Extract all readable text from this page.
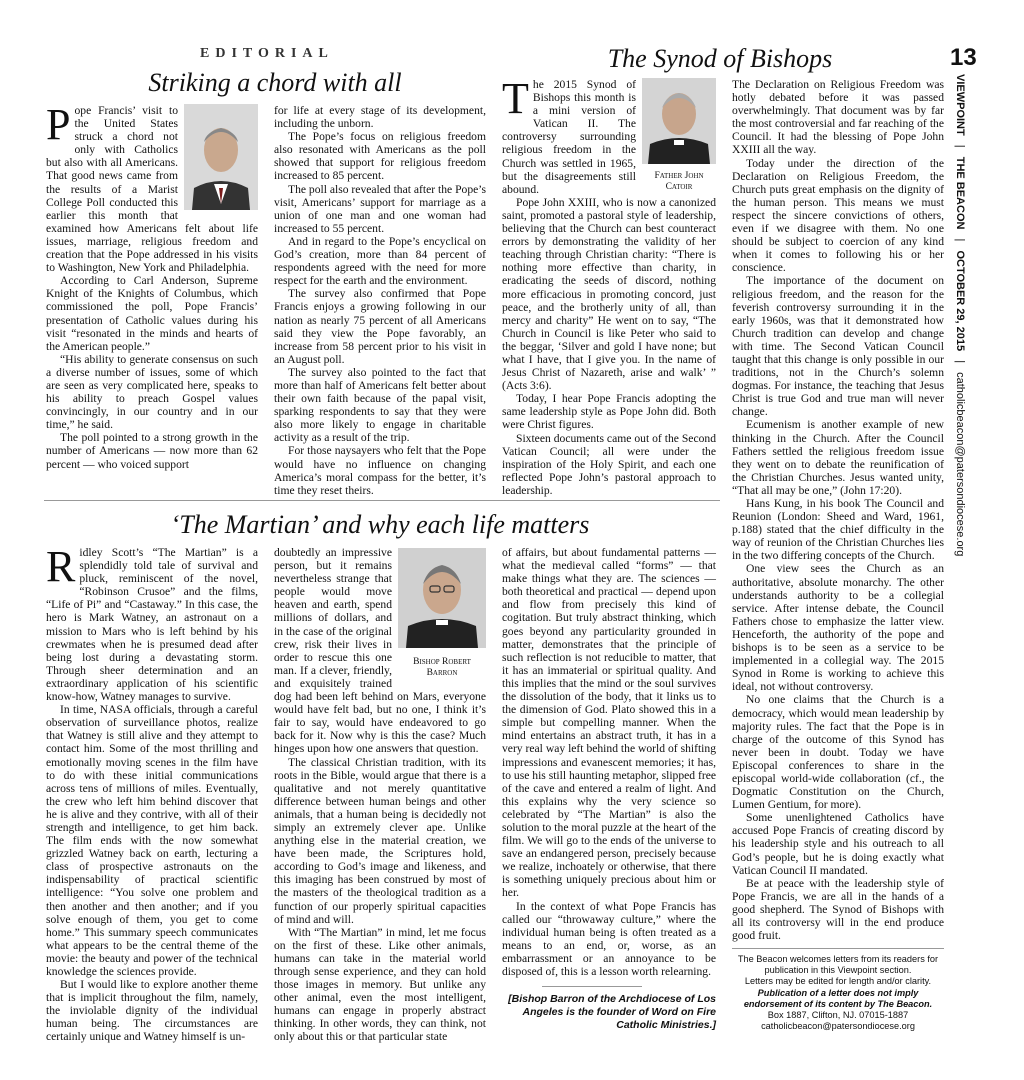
13
VIEWPOINT | THE BEACON | OCTOBER 29, 2015 | catholicbeacon@patersondiocese.org
EDITORIAL
Striking a chord with all

Pope Francis’ visit to the United States struck a chord not only with Catholics but also with all Americans. That good news came from the results of a Marist College Poll conducted this earlier this month that examined how Americans felt about life issues, marriage, religious freedom and creation that the Pope addressed in his visits to Washington, New York and Philadelphia.

According to Carl Anderson, Supreme Knight of the Knights of Columbus, which commissioned the poll, Pope Francis’ presentation of Catholic values during his visit “resonated in the minds and hearts of the American people.”

“His ability to generate consensus on such a diverse number of issues, some of which are seen as very complicated here, speaks to his ability to preach Gospel values convincingly, in our country and in our time,” he said.

The poll pointed to a strong growth in the number of Americans — now more than 62 percent — who voiced support

for life at every stage of its development, including the unborn.

The Pope’s focus on religious freedom also resonated with Americans as the poll showed that support for religious freedom increased to 85 percent.

The poll also revealed that after the Pope’s visit, Americans’ support for marriage as a union of one man and one woman had increased to 55 percent.

And in regard to the Pope’s encyclical on God’s creation, more than 84 percent of respondents agreed with the need for more respect for the earth and the environment.

The survey also confirmed that Pope Francis enjoys a growing following in our nation as nearly 75 percent of all Americans said they view the Pope favorably, an increase from 58 percent prior to his visit in an August poll.

The survey also pointed to the fact that more than half of Americans felt better about their own faith because of the papal visit, sparking respondents to say that they were also more likely to engage in charitable activity as a result of the trip.

For those naysayers who felt that the Pope would have no influence on changing America’s moral compass for the better, it’s time they reset theirs.

The Synod of Bishops
Father John Catoir

The 2015 Synod of Bishops this month is a mini version of Vatican II. The controversy surrounding religious freedom in the Church was settled in 1965, but the disagreements still abound.

Pope John XXIII, who is now a canonized saint, promoted a pastoral style of leadership, believing that the Church can best counteract errors by demonstrating the validity of her teaching through Christian charity: “There is nothing more effective than charity, in eradicating the seeds of discord, nothing more efficacious in promoting concord, just peace, and the brotherly unity of all, than mercy and charity” He went on to say, “The Church in Council is like Peter who said to the beggar, ‘Silver and gold I have none; but what I have, that I give you. In the name of Jesus Christ of Nazareth, arise and walk’ ” (Acts 3:6).

Today, I hear Pope Francis adopting the same leadership style as Pope John did. Both were Christ figures.

Sixteen documents came out of the Second Vatican Council; all were under the inspiration of the Holy Spirit, and each one reflected Pope John’s pastoral approach to leadership.

The Declaration on Religious Freedom was hotly debated before it was passed overwhelmingly. That document was by far the most controversial and far reaching of the Council. It had the blessing of Pope John XXIII all the way.

Today under the direction of the Declaration on Religious Freedom, the Church puts great emphasis on the dignity of the human person. This means we must respect the sincere convictions of others, even if we disagree with them. No one should be subject to coercion of any kind when it comes to following his or her conscience.

The importance of the document on religious freedom, and the reason for the feverish controversy surrounding it in the early 1960s, was that it demonstrated how Church tradition can develop and change with time. The Second Vatican Council taught that this change is only possible in our traditions, not in the Church’s solemn dogmas. For instance, the teaching that Jesus Christ is true God and true man will never change.

Ecumenism is another example of new thinking in the Church. After the Council Fathers settled the religious freedom issue they went on to debate the reunification of the Christian Churches. Jesus wanted unity, “That all may be one,” (John 17:20).

Hans Kung, in his book The Council and Reunion (London: Sheed and Ward, 1961, p.188) stated that the chief difficulty in the way of reunion of the Christian Churches lies in the two differing concepts of the Church.

One view sees the Church as an authoritative, absolute monarchy. The other understands authority to be a collegial service. After intense debate, the Council Fathers chose to emphasize the latter view. Henceforth, the authority of the pope and bishops is to be seen as a service to be implemented in a collegial way. The 2015 Synod in Rome is working to achieve this ideal, not without controversy.

No one claims that the Church is a democracy, which would mean leadership by majority rules. The fact that the Pope is in charge of the outcome of this Synod has never been in doubt. Today we have Episcopal conferences to share in the episcopal world-wide collaboration (cf., the Dogmatic Constitution on the Church, Lumen Gentium, for more).

Some unenlightened Catholics have accused Pope Francis of creating discord by his leadership style and his outreach to all God’s people, but he is doing exactly what Vatican Council II mandated.

Be at peace with the leadership style of Pope Francis, we are all in the hands of a good shepherd. The Synod of Bishops with all its controversy will in the end produce good fruit.

‘The Martian’ and why each life matters

Ridley Scott’s “The Martian” is a splendidly told tale of survival and pluck, reminiscent of the novel, “Robinson Crusoe” and the films, “Life of Pi” and “Castaway.” In this case, the hero is Mark Watney, an astronaut on a mission to Mars who is left behind by his crewmates when he is presumed dead after being lost during a devastating storm. Through sheer determination and an extraordinary application of his scientific know-how, Watney manages to survive.

In time, NASA officials, through a careful observation of surveillance photos, realize that Watney is still alive and they attempt to contact him. Some of the most thrilling and emotionally moving scenes in the film have to do with these initial communications across tens of millions of miles. Eventually, the crew who left him behind discover that he is alive and they contrive, with all of their strength and intelligence, to get him back. The film ends with the now somewhat grizzled Watney back on earth, lecturing a class of prospective astronauts on the indispensability of practical scientific intelligence: “You solve one problem and then another and then another; and if you solve enough of them, you get to come home.” This summary speech communicates what appears to be the central theme of the movie: the beauty and power of the technical knowledge the sciences provide.

But I would like to explore another theme that is implicit throughout the film, namely, the inviolable dignity of the individual human being. The circumstances are certainly unique and Watney himself is un-

Bishop Robert Barron

doubtedly an impressive person, but it remains nevertheless strange that people would move heaven and earth, spend millions of dollars, and in the case of the original crew, risk their lives in order to rescue this one man. If a clever, friendly, and exquisitely trained dog had been left behind on Mars, everyone would have felt bad, but no one, I think it’s fair to say, would have endeavored to go back for it. Now why is this the case? Much hinges upon how one answers that question.

The classical Christian tradition, with its roots in the Bible, would argue that there is a qualitative and not merely quantitative difference between human beings and other animals, that a human being is decidedly not simply an extremely clever ape. Unlike anything else in the material creation, we have been made, the Scriptures hold, according to God’s image and likeness, and this imaging has been construed by most of the masters of the theological tradition as a function of our properly spiritual capacities of mind and will.

With “The Martian” in mind, let me focus on the first of these. Like other animals, humans can take in the material world through sense experience, and they can hold those images in memory. But unlike any other animal, even the most intelligent, humans can engage in properly abstract thinking. In other words, they can think, not only about this or that particular state

of affairs, but about fundamental patterns — what the medieval called “forms” — that make things what they are. The sciences — both theoretical and practical — depend upon and flow from precisely this kind of cogitation. But truly abstract thinking, which goes beyond any particularity grounded in matter, demonstrates that the principle of such reflection is not reducible to matter, that it has an immaterial or spiritual quality. And this implies that the mind or the soul survives the dissolution of the body, that it links us to the dimension of God. Plato showed this in a simple but compelling manner. When the mind entertains an abstract truth, it has in a very real way left behind the world of shifting impressions and evanescent memories; it has, to use his still haunting metaphor, slipped free of the cave and entered a realm of light. And this explains why the very science so celebrated by “The Martian” is also the solution to the moral puzzle at the heart of the film. We will go to the ends of the universe to save an endangered person, precisely because we realize, inchoately or otherwise, that there is something uniquely precious about him or her.

In the context of what Pope Francis has called our “throwaway culture,” where the individual human being is often treated as a means to an end, or, worse, as an embarrassment or an annoyance to be disposed of, this is a lesson worth relearning.

[Bishop Barron of the Archdiocese of Los Angeles is the founder of Word on Fire Catholic Ministries.]
The Beacon welcomes letters from its readers for publication in this Viewpoint section.
Letters may be edited for length and/or clarity.
Publication of a letter does not imply endorsement of its content by The Beacon.
Box 1887, Clifton, NJ. 07015-1887
catholicbeacon@patersondiocese.org
